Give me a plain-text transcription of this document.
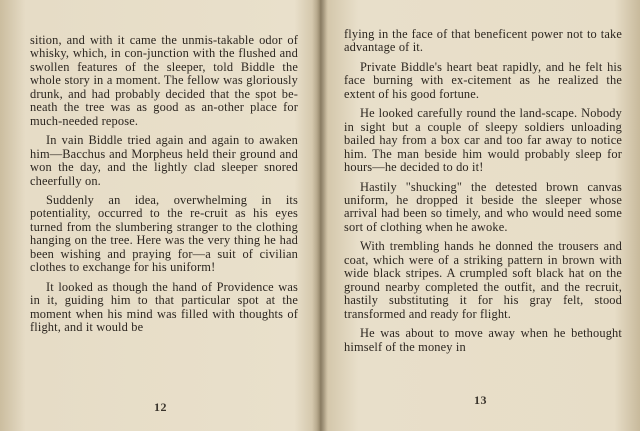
sition, and with it came the unmis-takable odor of whisky, which, in con-junction with the flushed and swollen features of the sleeper, told Biddle the whole story in a moment. The fellow was gloriously drunk, and had probably decided that the spot be-neath the tree was as good as an-other place for much-needed repose.

In vain Biddle tried again and again to awaken him—Bacchus and Morpheus held their ground and won the day, and the lightly clad sleeper snored cheerfully on.

Suddenly an idea, overwhelming in its potentiality, occurred to the re-cruit as his eyes turned from the slumbering stranger to the clothing hanging on the tree. Here was the very thing he had been wishing and praying for—a suit of civilian clothes to exchange for his uniform!

It looked as though the hand of Providence was in it, guiding him to that particular spot at the moment when his mind was filled with thoughts of flight, and it would be

12

flying in the face of that beneficent power not to take advantage of it.

Private Biddle's heart beat rapidly, and he felt his face burning with ex-citement as he realized the extent of his good fortune.

He looked carefully round the land-scape. Nobody in sight but a couple of sleepy soldiers unloading bailed hay from a box car and too far away to notice him. The man beside him would probably sleep for hours—he decided to do it!

Hastily "shucking" the detested brown canvas uniform, he dropped it beside the sleeper whose arrival had been so timely, and who would need some sort of clothing when he awoke.

With trembling hands he donned the trousers and coat, which were of a striking pattern in brown with wide black stripes. A crumpled soft black hat on the ground nearby completed the outfit, and the recruit, hastily substituting it for his gray felt, stood transformed and ready for flight.

He was about to move away when he bethought himself of the money in

13
